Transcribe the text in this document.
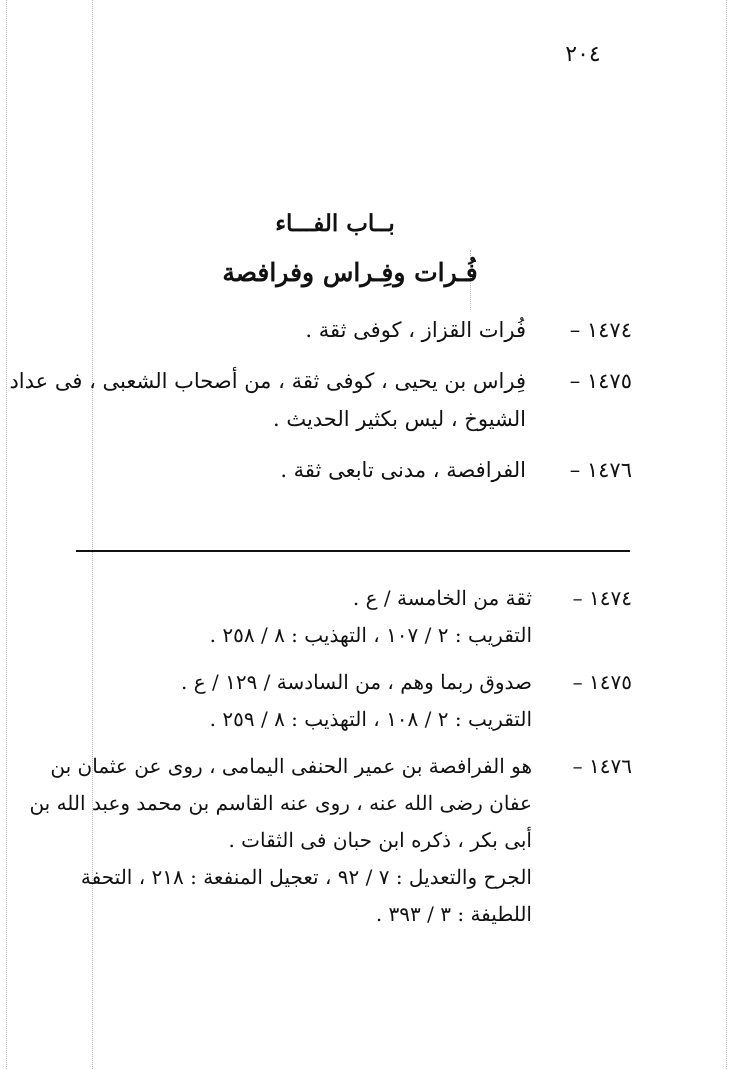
٢٠٤
بــاب الفـــاء
فُـرات وفِـراس وفرافصة
١٤٧٤ –
فُرات القزاز ، كوفى ثقة .
١٤٧٥ –
فِراس بن يحيى ، كوفى ثقة ، من أصحاب الشعبى ، فى عداد
الشيوخ ، ليس بكثير الحديث .
١٤٧٦ –
الفرافصة ، مدنى تابعى ثقة .
١٤٧٤ –
ثقة من الخامسة / ع .
التقريب : ٢ / ١٠٧ ، التهذيب : ٨ / ٢٥٨ .
١٤٧٥ –
صدوق ربما وهم ، من السادسة / ١٢٩ / ع .
التقريب : ٢ / ١٠٨ ، التهذيب : ٨ / ٢٥٩ .
١٤٧٦ –
هو الفرافصة بن عمير الحنفى اليمامى ، روى عن عثمان بن
عفان رضى الله عنه ، روى عنه القاسم بن محمد وعبد الله بن
أبى بكر ، ذكره ابن حبان فى الثقات .
الجرح والتعديل : ٧ / ٩٢ ، تعجيل المنفعة : ٢١٨ ، التحفة
اللطيفة : ٣ / ٣٩٣ .
